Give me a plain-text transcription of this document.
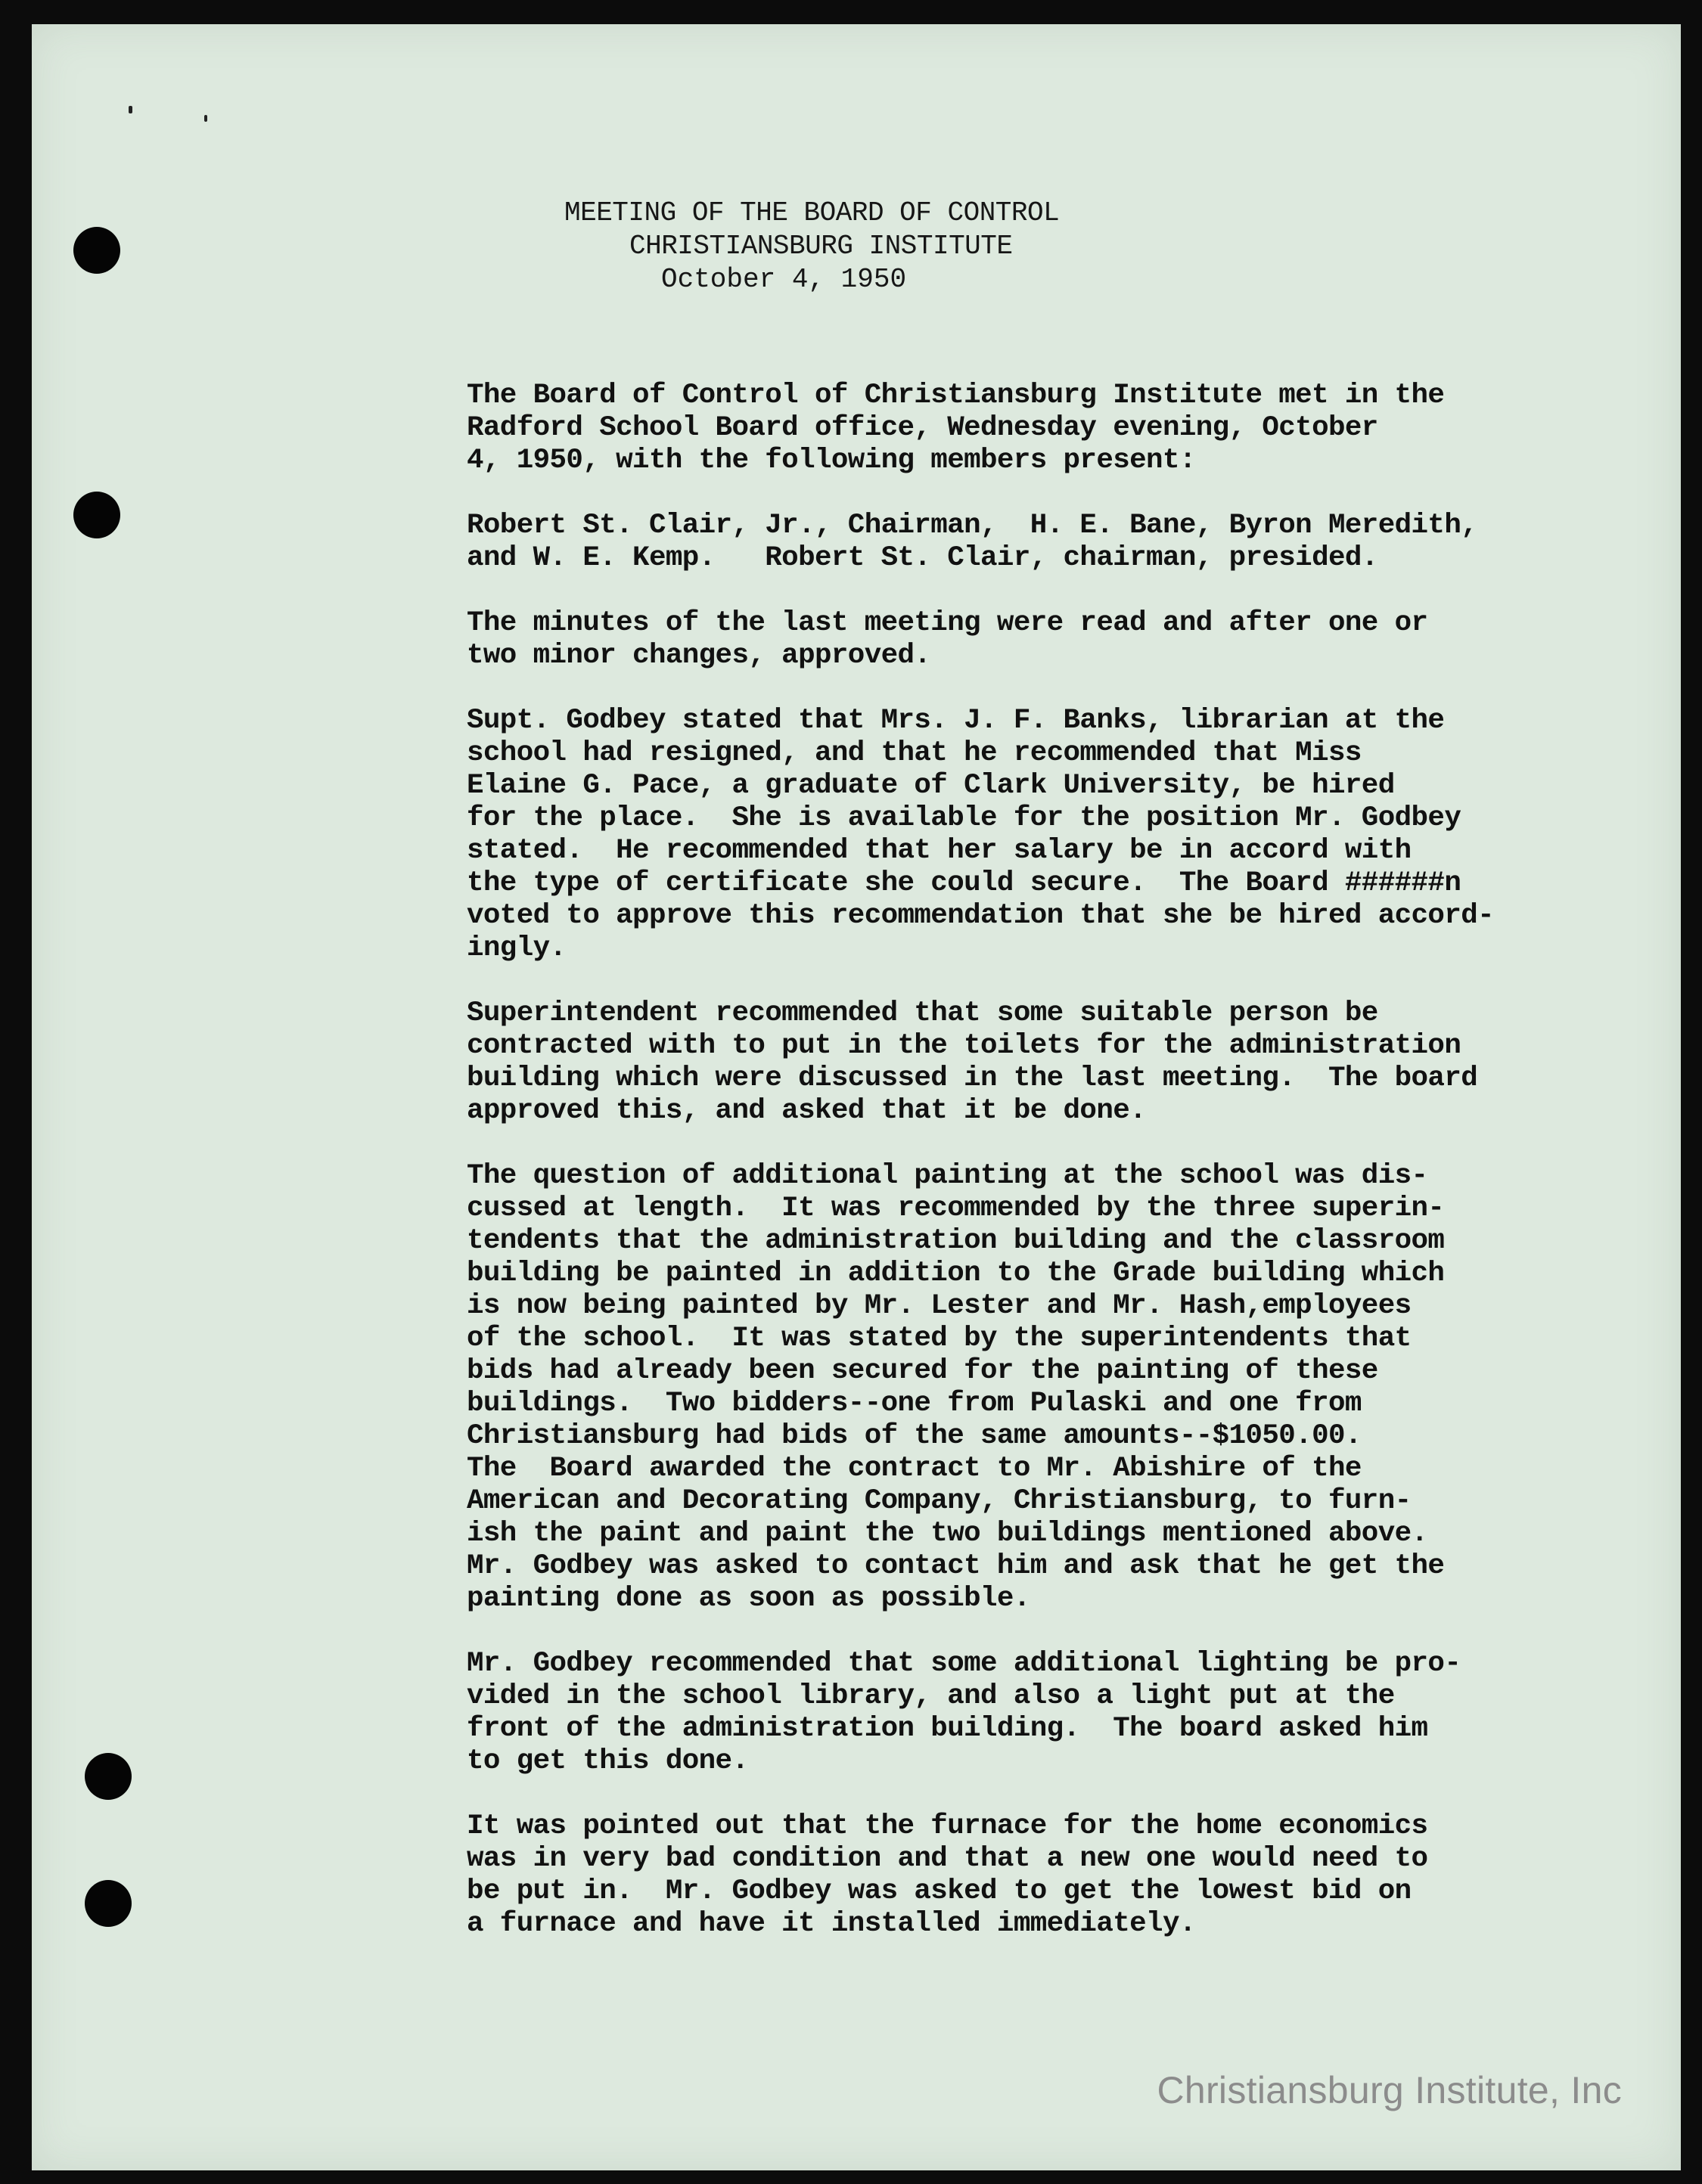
MEETING OF THE BOARD OF CONTROL
CHRISTIANSBURG INSTITUTE
October 4, 1950
The Board of Control of Christiansburg Institute met in the
Radford School Board office, Wednesday evening, October
4, 1950, with the following members present:
Robert St. Clair, Jr., Chairman,  H. E. Bane, Byron Meredith,
and W. E. Kemp.   Robert St. Clair, chairman, presided.
The minutes of the last meeting were read and after one or
two minor changes, approved.
Supt. Godbey stated that Mrs. J. F. Banks, librarian at the
school had resigned, and that he recommended that Miss
Elaine G. Pace, a graduate of Clark University, be hired
for the place.  She is available for the position Mr. Godbey
stated.  He recommended that her salary be in accord with
the type of certificate she could secure.  The Board ######n
voted to approve this recommendation that she be hired accord-
ingly.
Superintendent recommended that some suitable person be
contracted with to put in the toilets for the administration
building which were discussed in the last meeting.  The board
approved this, and asked that it be done.
The question of additional painting at the school was dis-
cussed at length.  It was recommended by the three superin-
tendents that the administration building and the classroom
building be painted in addition to the Grade building which
is now being painted by Mr. Lester and Mr. Hash,employees
of the school.  It was stated by the superintendents that
bids had already been secured for the painting of these
buildings.  Two bidders--one from Pulaski and one from
Christiansburg had bids of the same amounts--$1050.00.
The  Board awarded the contract to Mr. Abishire of the
American and Decorating Company, Christiansburg, to furn-
ish the paint and paint the two buildings mentioned above.
Mr. Godbey was asked to contact him and ask that he get the
painting done as soon as possible.
Mr. Godbey recommended that some additional lighting be pro-
vided in the school library, and also a light put at the
front of the administration building.  The board asked him
to get this done.
It was pointed out that the furnace for the home economics
was in very bad condition and that a new one would need to
be put in.  Mr. Godbey was asked to get the lowest bid on
a furnace and have it installed immediately.
Christiansburg Institute, Inc
